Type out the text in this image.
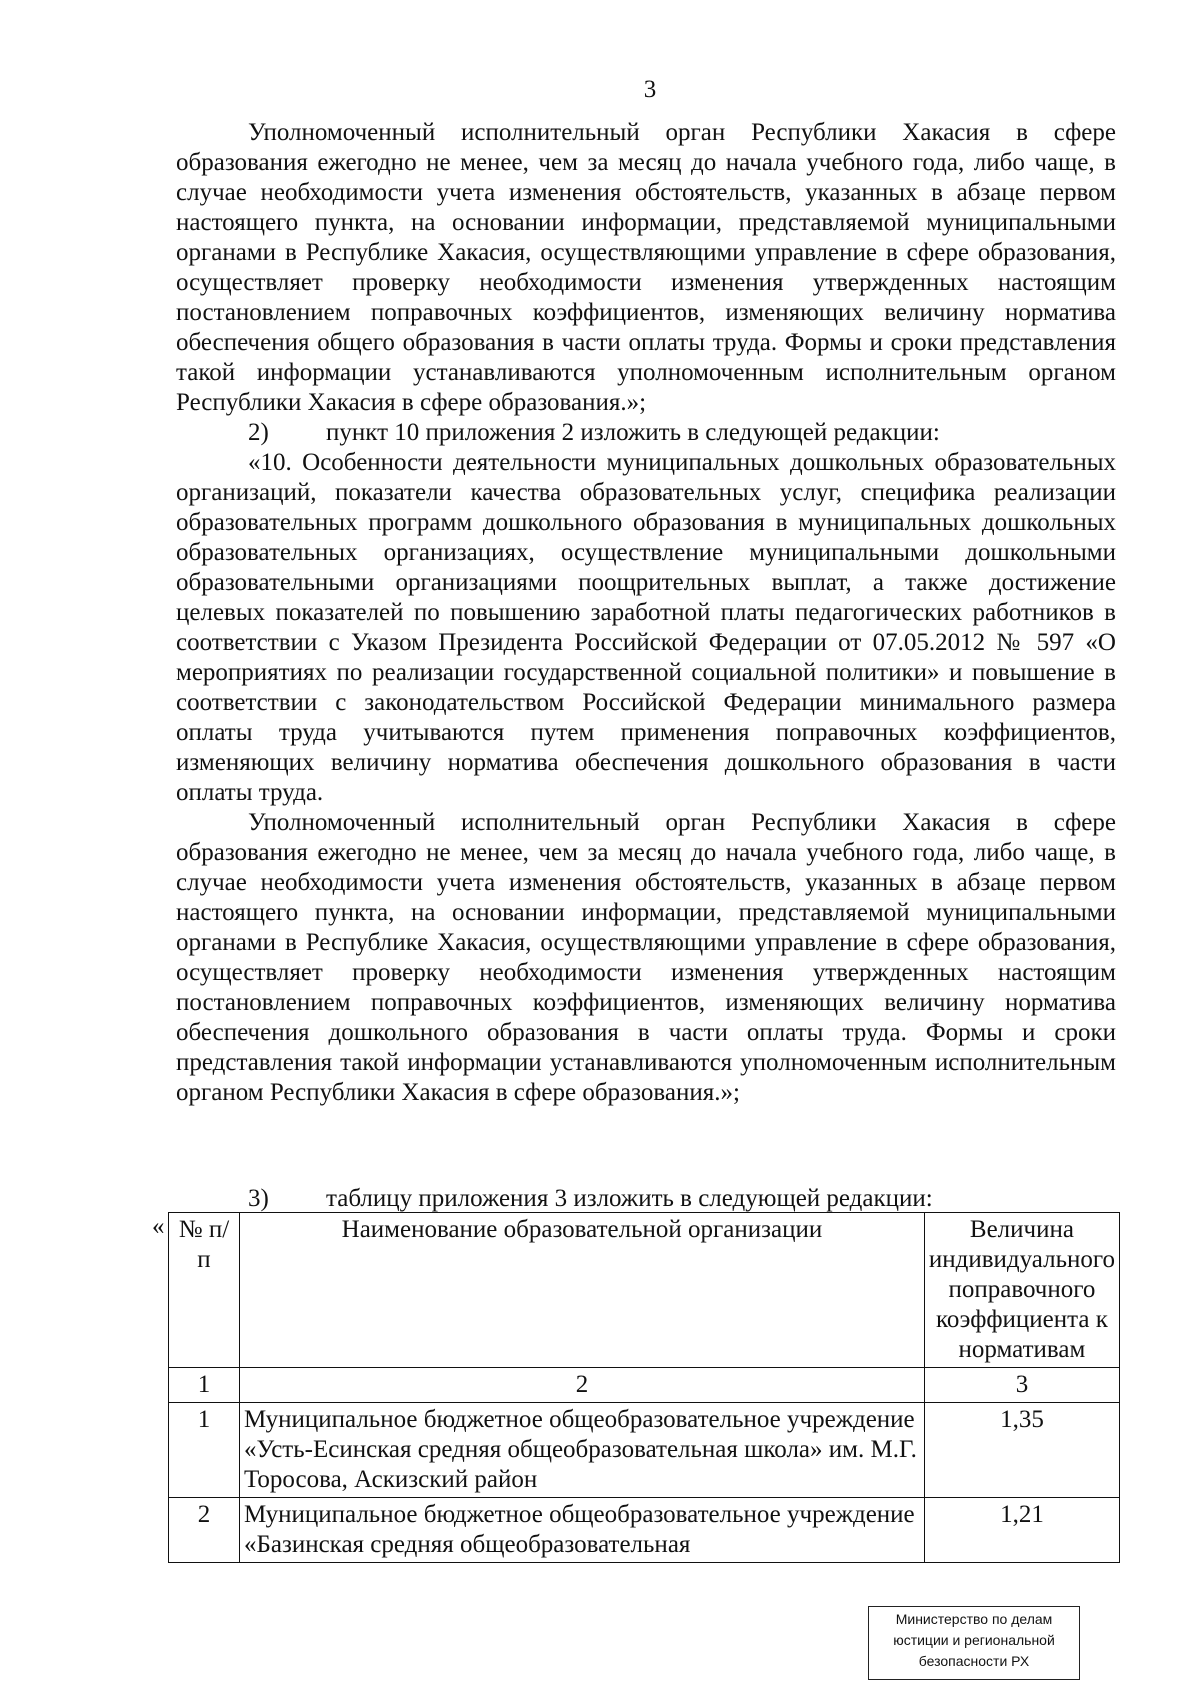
3

Уполномоченный исполнительный орган Республики Хакасия в сфере образования ежегодно не менее, чем за месяц до начала учебного года, либо чаще, в случае необходимости учета изменения обстоятельств, указанных в абзаце первом настоящего пункта, на основании информации, представляемой муниципальными органами в Республике Хакасия, осуществляющими управление в сфере образования, осуществляет проверку необходимости изменения утвержденных настоящим постановлением поправочных коэффициентов, изменяющих величину норматива обеспечения общего образования в части оплаты труда. Формы и сроки представления такой информации устанавливаются уполномоченным исполнительным органом Республики Хакасия в сфере образования.»;

2) пункт 10 приложения 2 изложить в следующей редакции:

«10. Особенности деятельности муниципальных дошкольных образовательных организаций, показатели качества образовательных услуг, специфика реализации образовательных программ дошкольного образования в муниципальных дошкольных образовательных организациях, осуществление муниципальными дошкольными образовательными организациями поощрительных выплат, а также достижение целевых показателей по повышению заработной платы педагогических работников в соответствии с Указом Президента Российской Федерации от 07.05.2012 № 597 «О мероприятиях по реализации государственной социальной политики» и повышение в соответствии с законодательством Российской Федерации минимального размера оплаты труда учитываются путем применения поправочных коэффициентов, изменяющих величину норматива обеспечения дошкольного образования в части оплаты труда.

Уполномоченный исполнительный орган Республики Хакасия в сфере образования ежегодно не менее, чем за месяц до начала учебного года, либо чаще, в случае необходимости учета изменения обстоятельств, указанных в абзаце первом настоящего пункта, на основании информации, представляемой муниципальными органами в Республике Хакасия, осуществляющими управление в сфере образования, осуществляет проверку необходимости изменения утвержденных настоящим постановлением поправочных коэффициентов, изменяющих величину норматива обеспечения дошкольного образования в части оплаты труда. Формы и сроки представления такой информации устанавливаются уполномоченным исполнительным органом Республики Хакасия в сфере образования.»;

3) таблицу приложения 3 изложить в следующей редакции:
« № п/п	Наименование образовательной организации	Величина индивидуального поправочного коэффициента к нормативам
1	2	3
1	Муниципальное бюджетное общеобразовательное учреждение «Усть-Есинская средняя общеобразовательная школа» им. М.Г. Торосова, Аскизский район	1,35
2	Муниципальное бюджетное общеобразовательное учреждение «Базинская средняя общеобразовательная	1,21
Министерство по делам
юстиции и региональной
безопасности РХ
